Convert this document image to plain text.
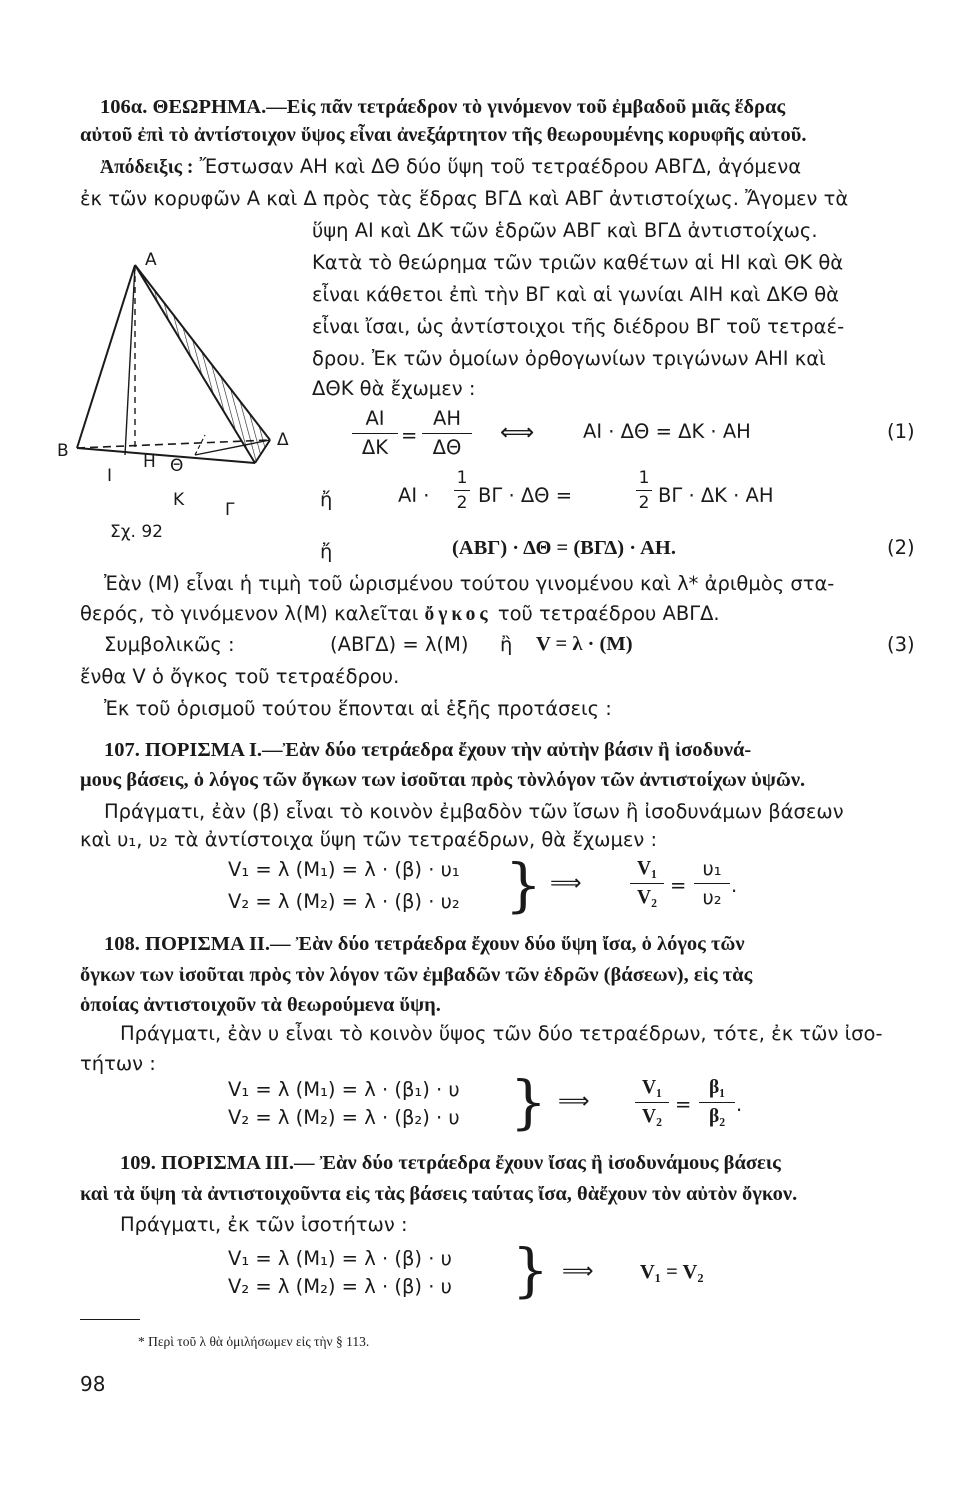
106α. ΘΕΩΡΗΜΑ.—Εἰς πᾶν τετράεδρον τὸ γινόμενον τοῦ ἐμβαδοῦ μιᾶς ἕδρας
αὐτοῦ ἐπὶ τὸ ἀντίστοιχον ὕψος εἶναι ἀνεξάρτητον τῆς θεωρουμένης κορυφῆς αὐτοῦ.
Ἀπόδειξις : Ἔστωσαν ΑΗ καὶ ΔΘ δύο ὕψη τοῦ τετραέδρου ΑΒΓΔ, ἀγόμενα
ἐκ τῶν κορυφῶν Α καὶ Δ πρὸς τὰς ἕδρας ΒΓΔ καὶ ΑΒΓ ἀντιστοίχως. Ἄγομεν τὰ
ὕψη ΑΙ καὶ ΔΚ τῶν ἑδρῶν ΑΒΓ καὶ ΒΓΔ ἀντιστοίχως.
Κατὰ τὸ θεώρημα τῶν τριῶν καθέτων αἱ ΗΙ καὶ ΘΚ θὰ
εἶναι κάθετοι ἐπὶ τὴν ΒΓ καὶ αἱ γωνίαι ΑΙΗ καὶ ΔΚΘ θὰ
εἶναι ἴσαι, ὡς ἀντίστοιχοι τῆς διέδρου ΒΓ τοῦ τετραέ-
δρου. Ἐκ τῶν ὁμοίων ὀρθογωνίων τριγώνων ΑΗΙ καὶ
ΔΘΚ θὰ ἔχωμεν :
Α
Β
Δ
Γ
Ι
Η Θ
Κ
Σχ. 92
ΑΙ
ΔΚ
=
ΑΗ
ΔΘ
⟺ ΑΙ · ΔΘ = ΔΚ · ΑΗ	(1)
ἤ	ΑΙ ·
1
2 ΒΓ · ΔΘ =
1
2 ΒΓ · ΔΚ · ΑΗ
ἤ	(ΑΒΓ) · ΔΘ = (ΒΓΔ) · ΑΗ.	(2)
Ἐὰν (Μ) εἶναι ἡ τιμὴ τοῦ ὡρισμένου τούτου γινομένου καὶ λ* ἀριθμὸς στα-
θερός, τὸ γινόμενον λ(Μ) καλεῖται ὄγκος τοῦ τετραέδρου ΑΒΓΔ.
Συμβολικῶς :	(ΑΒΓΔ) = λ(Μ) ἢ V = λ · (M)	(3)
ἔνθα V ὁ ὄγκος τοῦ τετραέδρου.
Ἐκ τοῦ ὁρισμοῦ τούτου ἕπονται αἱ ἑξῆς προτάσεις :
107. ΠΟΡΙΣΜΑ Ι.—Ἐὰν δύο τετράεδρα ἔχουν τὴν αὐτὴν βάσιν ἢ ἰσοδυνά-
μους βάσεις, ὁ λόγος τῶν ὄγκων των ἰσοῦται πρὸς τὸνλόγον τῶν ἀντιστοίχων ὑψῶν.
Πράγματι, ἐὰν (β) εἶναι τὸ κοινὸν ἐμβαδὸν τῶν ἴσων ἢ ἰσοδυνάμων βάσεων
καὶ υ₁, υ₂ τὰ ἀντίστοιχα ὕψη τῶν τετραέδρων, θὰ ἔχωμεν :
V₁ = λ (Μ₁) = λ · (β) · υ₁
V₂ = λ (Μ₂) = λ · (β) · υ₂ } ⟹
V₁
V₂
=
υ₁
υ₂
.
108. ΠΟΡΙΣΜΑ ΙΙ.— Ἐὰν δύο τετράεδρα ἔχουν δύο ὕψη ἴσα, ὁ λόγος τῶν
ὄγκων των ἰσοῦται πρὸς τὸν λόγον τῶν ἐμβαδῶν τῶν ἑδρῶν (βάσεων), εἰς τὰς
ὁποίας ἀντιστοιχοῦν τὰ θεωρούμενα ὕψη.
Πράγματι, ἐὰν υ εἶναι τὸ κοινὸν ὕψος τῶν δύο τετραέδρων, τότε, ἐκ τῶν ἰσο-
τήτων :
V₁ = λ (Μ₁) = λ · (β₁) · υ
V₂ = λ (Μ₂) = λ · (β₂) · υ } ⟹
V₁
V₂
=
β₁
β₂
.
109. ΠΟΡΙΣΜΑ ΙΙΙ.— Ἐὰν δύο τετράεδρα ἔχουν ἴσας ἢ ἰσοδυνάμους βάσεις
καὶ τὰ ὕψη τὰ ἀντιστοιχοῦντα εἰς τὰς βάσεις ταύτας ἴσα, θὰἔχουν τὸν αὐτὸν ὄγκον.
Πράγματι, ἐκ τῶν ἰσοτήτων :
V₁ = λ (Μ₁) = λ · (β) · υ
V₂ = λ (Μ₂) = λ · (β) · υ } ⟹ V₁ = V₂
* Περὶ τοῦ λ θὰ ὁμιλήσωμεν εἰς τὴν § 113.
98
